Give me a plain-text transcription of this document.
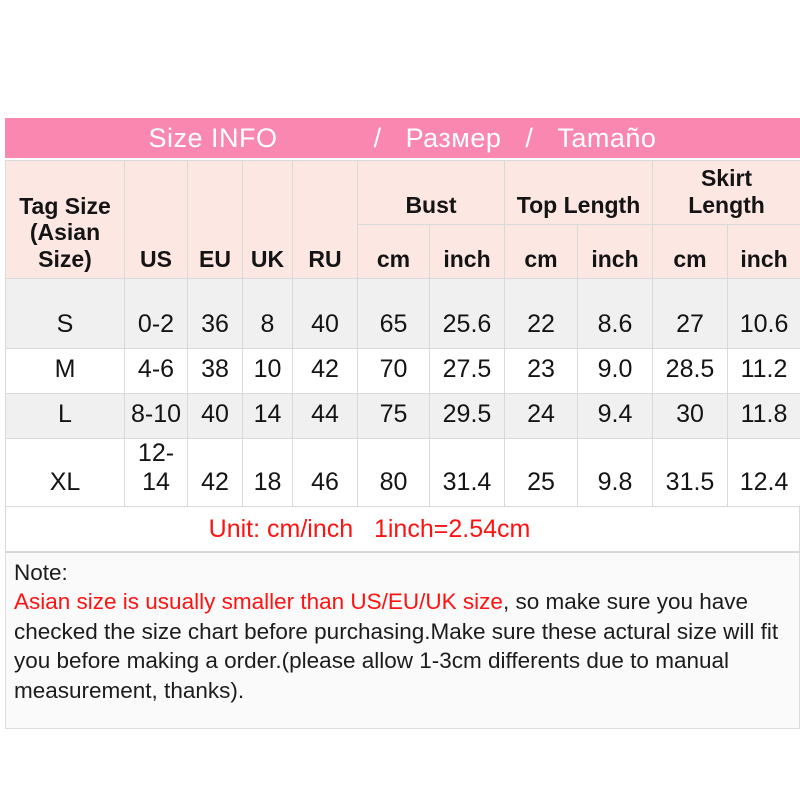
Size INFO            /   Размер   /   Tamaño
Tag Size (Asian Size)	US	EU	UK	RU	Bust		Top Length		Skirt Length	
					cm	inch	cm	inch	cm	inch
S	0-2	36	8	40	65	25.6	22	8.6	27	10.6
M	4-6	38	10	42	70	27.5	23	9.0	28.5	11.2
L	8-10	40	14	44	75	29.5	24	9.4	30	11.8
XL	12-14	42	18	46	80	31.4	25	9.8	31.5	12.4
Unit: cm/inch   1inch=2.54cm
Note:
Asian size is usually smaller than US/EU/UK size, so make sure you have checked the size chart before purchasing.Make sure these actural size will fit you before making a order.(please allow 1-3cm differents due to manual measurement, thanks).
